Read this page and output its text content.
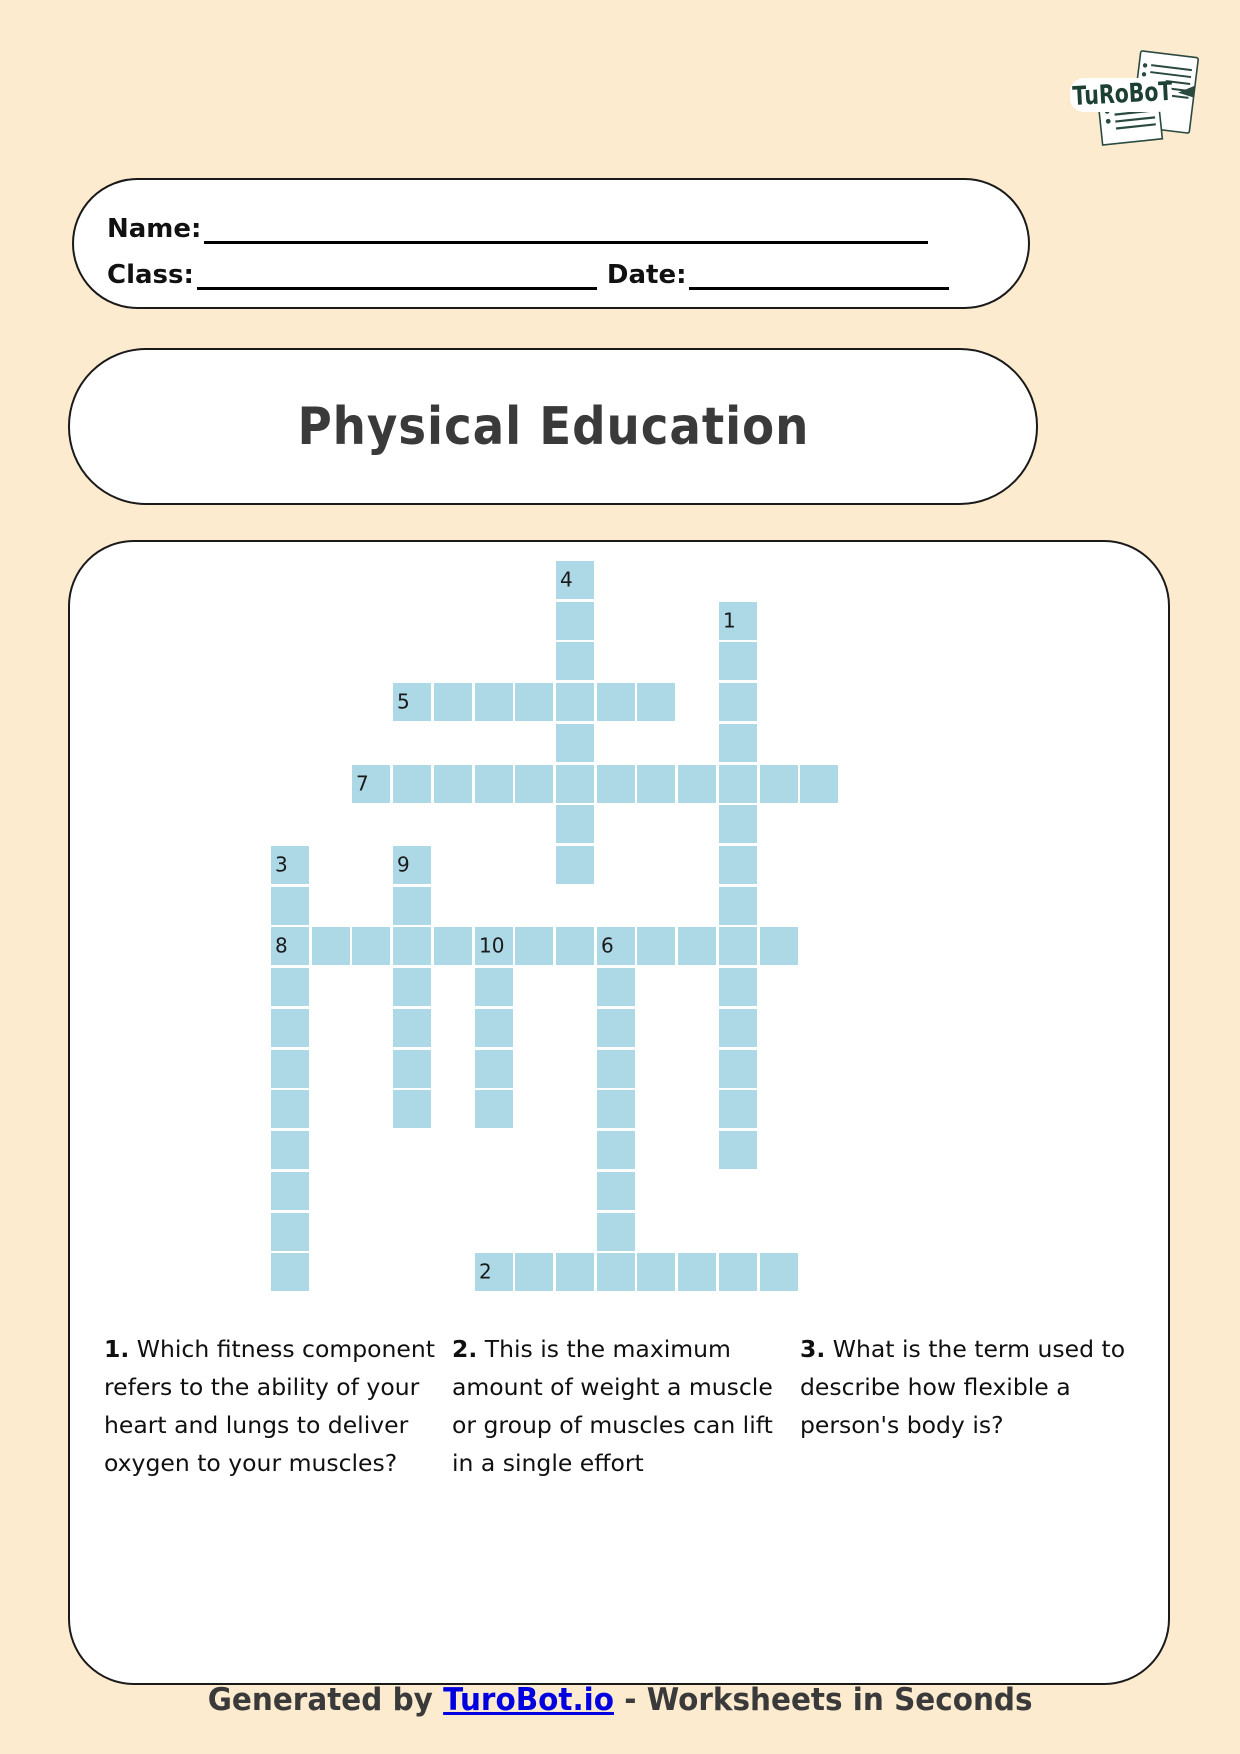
TuRoBoT
Name:
Class:	Date:
Physical Education
4
1
5
7
3
8
9
10	6
2
1. Which fitness component refers to the ability of your heart and lungs to deliver oxygen to your muscles?
2. This is the maximum amount of weight a muscle or group of muscles can lift in a single effort
3. What is the term used to describe how flexible a person's body is?
Generated by TuroBot.io - Worksheets in Seconds
